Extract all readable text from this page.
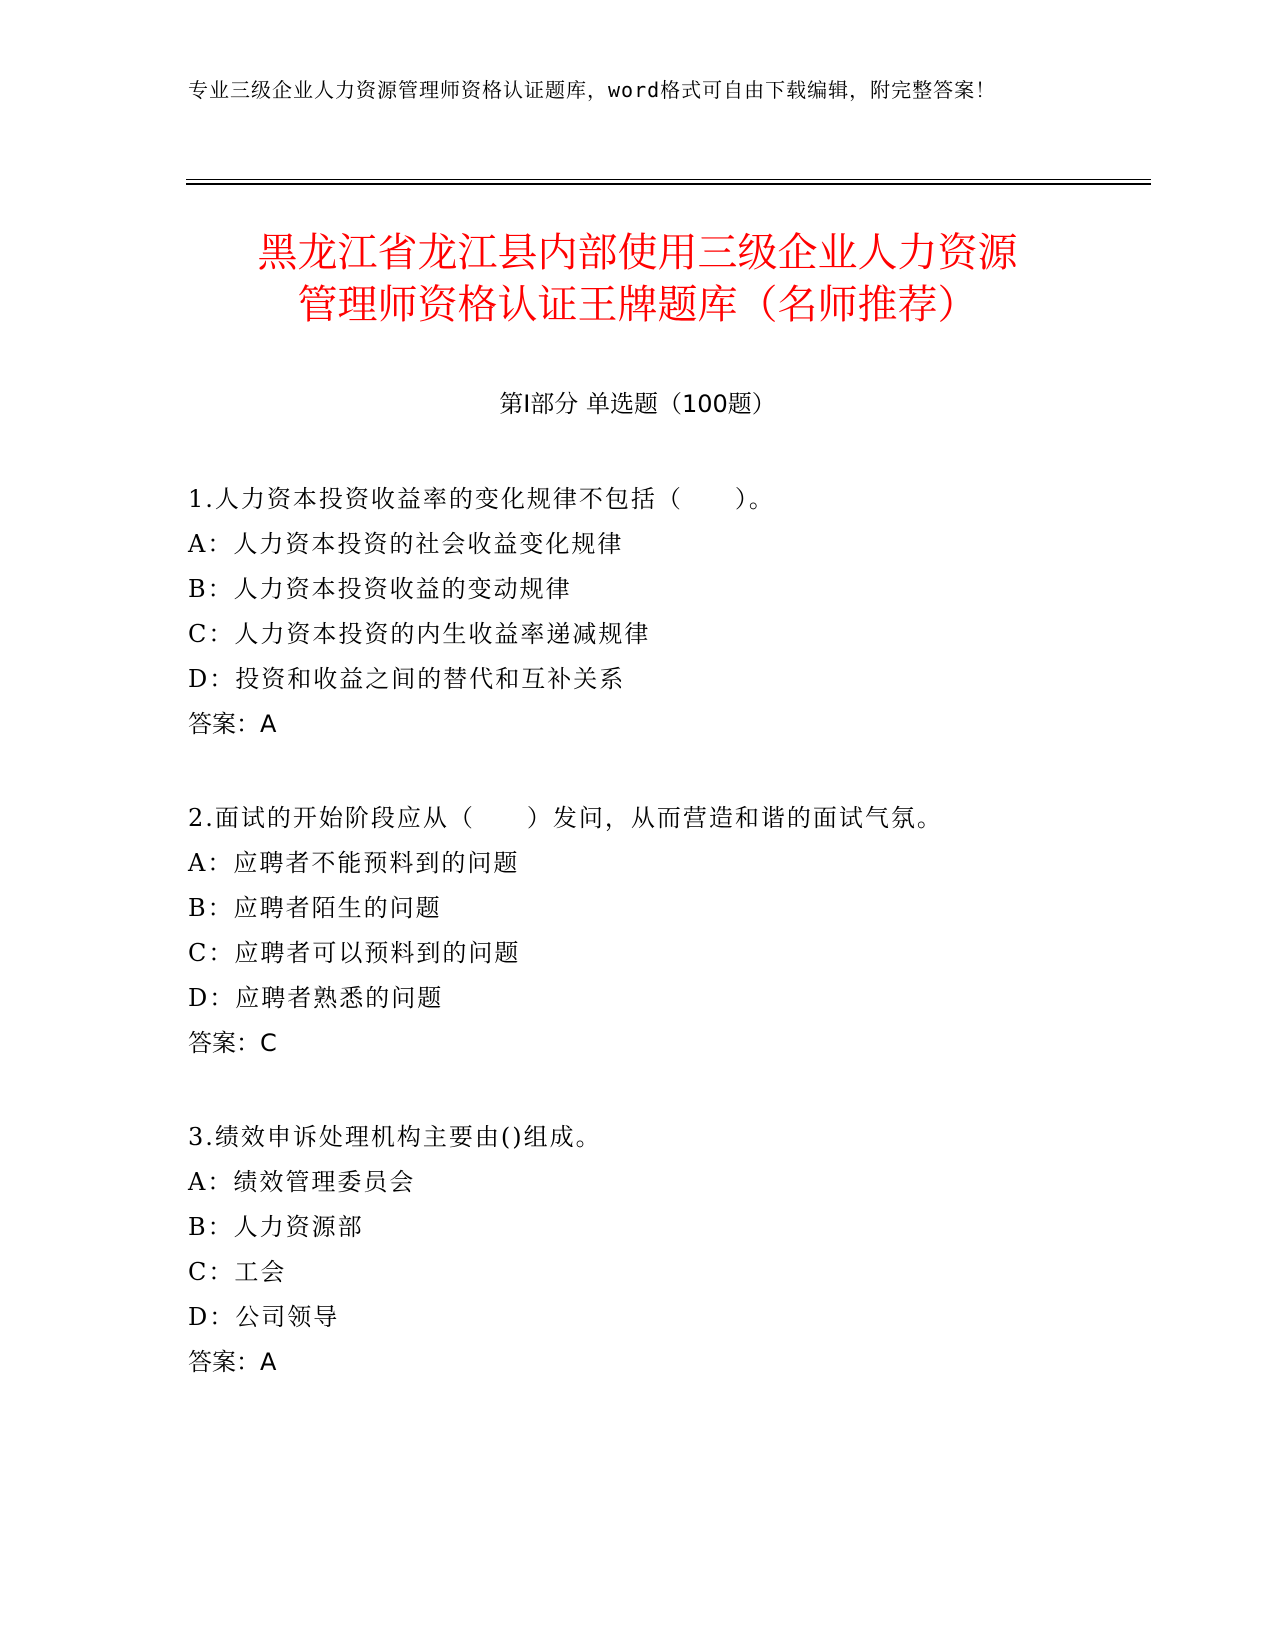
专业三级企业人力资源管理师资格认证题库，word格式可自由下载编辑，附完整答案！
黑龙江省龙江县内部使用三级企业人力资源
管理师资格认证王牌题库（名师推荐）
第Ⅰ部分 单选题（100题）
1.人力资本投资收益率的变化规律不包括（　　）。
A：人力资本投资的社会收益变化规律
B：人力资本投资收益的变动规律
C：人力资本投资的内生收益率递减规律
D：投资和收益之间的替代和互补关系
答案：A
2.面试的开始阶段应从（　　）发问，从而营造和谐的面试气氛。
A：应聘者不能预料到的问题
B：应聘者陌生的问题
C：应聘者可以预料到的问题
D：应聘者熟悉的问题
答案：C
3.绩效申诉处理机构主要由()组成。
A：绩效管理委员会
B：人力资源部
C：工会
D：公司领导
答案：A
